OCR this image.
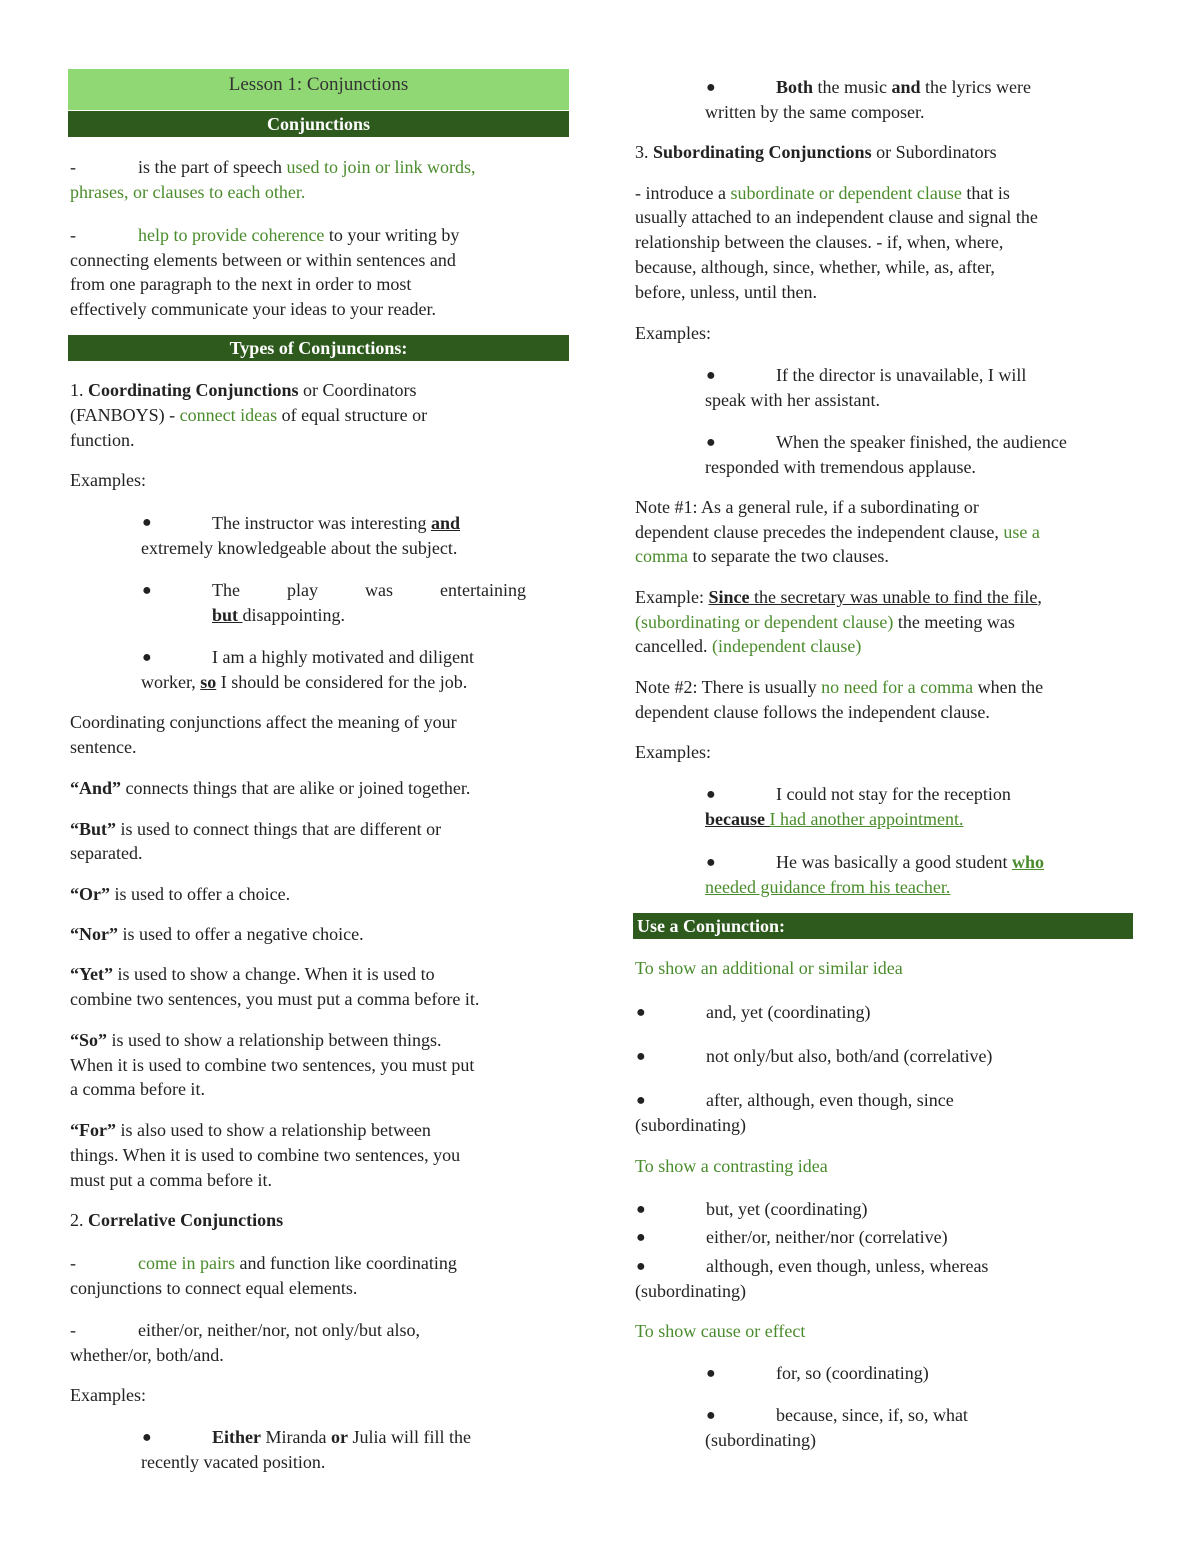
Lesson 1: Conjunctions
Conjunctions
-	is the part of speech used to join or link words,
phrases, or clauses to each other.
-	help to provide coherence to your writing by
connecting elements between or within sentences and
from one paragraph to the next in order to most
effectively communicate your ideas to your reader.
Types of Conjunctions:
1. Coordinating Conjunctions or Coordinators
(FANBOYS) - connect ideas of equal structure or
function.
Examples:
●	The instructor was interesting and
extremely knowledgeable about the subject.
●	The	play	was	entertaining
but disappointing.
●	I am a highly motivated and diligent
worker, so I should be considered for the job.
Coordinating conjunctions affect the meaning of your
sentence.
“And” connects things that are alike or joined together.
“But” is used to connect things that are different or
separated.
“Or” is used to offer a choice.
“Nor” is used to offer a negative choice.
“Yet” is used to show a change. When it is used to
combine two sentences, you must put a comma before it.
“So” is used to show a relationship between things.
When it is used to combine two sentences, you must put
a comma before it.
“For” is also used to show a relationship between
things. When it is used to combine two sentences, you
must put a comma before it.
2. Correlative Conjunctions
-	come in pairs and function like coordinating
conjunctions to connect equal elements.
-	either/or, neither/nor, not only/but also,
whether/or, both/and.
Examples:
●	Either Miranda or Julia will fill the
recently vacated position.
●	Both the music and the lyrics were
written by the same composer.
3. Subordinating Conjunctions or Subordinators
- introduce a subordinate or dependent clause that is
usually attached to an independent clause and signal the
relationship between the clauses. - if, when, where,
because, although, since, whether, while, as, after,
before, unless, until then.
Examples:
●	If the director is unavailable, I will
speak with her assistant.
●	When the speaker finished, the audience
responded with tremendous applause.
Note #1: As a general rule, if a subordinating or
dependent clause precedes the independent clause, use a
comma to separate the two clauses.
Example: Since the secretary was unable to find the file,
(subordinating or dependent clause) the meeting was
cancelled. (independent clause)
Note #2: There is usually no need for a comma when the
dependent clause follows the independent clause.
Examples:
●	I could not stay for the reception
because I had another appointment.
●	He was basically a good student who
needed guidance from his teacher.
Use a Conjunction:
To show an additional or similar idea
●	and, yet (coordinating)
●	not only/but also, both/and (correlative)
●	after, although, even though, since
(subordinating)
To show a contrasting idea
●	but, yet (coordinating)
●	either/or, neither/nor (correlative)
●	although, even though, unless, whereas
(subordinating)
To show cause or effect
●	for, so (coordinating)
●	because, since, if, so, what
(subordinating)
